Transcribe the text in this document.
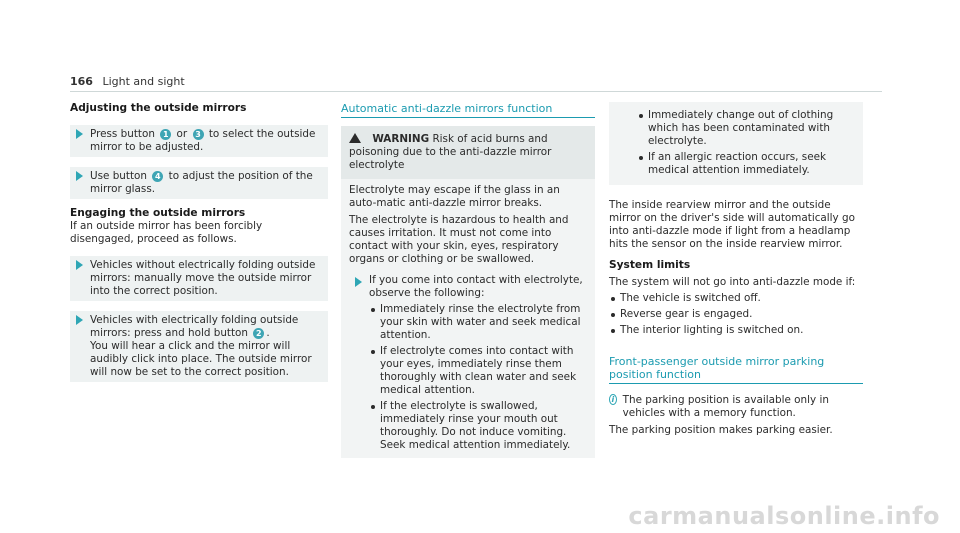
166 Light and sight
Adjusting the outside mirrors
Press button 1 or 3 to select the outside mirror to be adjusted.
Use button 4 to adjust the position of the mirror glass.
Engaging the outside mirrors
If an outside mirror has been forcibly disengaged, proceed as follows.
Vehicles without electrically folding outside mirrors: manually move the outside mirror into the correct position.
Vehicles with electrically folding outside mirrors: press and hold button 2 .
You will hear a click and the mirror will audibly click into place. The outside mirror will now be set to the correct position.
Automatic anti-dazzle mirrors function
WARNING Risk of acid burns and poisoning due to the anti-dazzle mirror electrolyte
Electrolyte may escape if the glass in an auto-matic anti-dazzle mirror breaks.
The electrolyte is hazardous to health and causes irritation. It must not come into contact with your skin, eyes, respiratory organs or clothing or be swallowed.
If you come into contact with electrolyte, observe the following:
Immediately rinse the electrolyte from your skin with water and seek medical attention.
If electrolyte comes into contact with your eyes, immediately rinse them thoroughly with clean water and seek medical attention.
If the electrolyte is swallowed, immediately rinse your mouth out thoroughly. Do not induce vomiting. Seek medical attention immediately.
Immediately change out of clothing which has been contaminated with electrolyte.
If an allergic reaction occurs, seek medical attention immediately.
The inside rearview mirror and the outside mirror on the driver's side will automatically go into anti-dazzle mode if light from a headlamp hits the sensor on the inside rearview mirror.
System limits
The system will not go into anti-dazzle mode if:
The vehicle is switched off.
Reverse gear is engaged.
The interior lighting is switched on.
Front-passenger outside mirror parking position function
i The parking position is available only in vehicles with a memory function.
The parking position makes parking easier.
carmanualsonline.info
